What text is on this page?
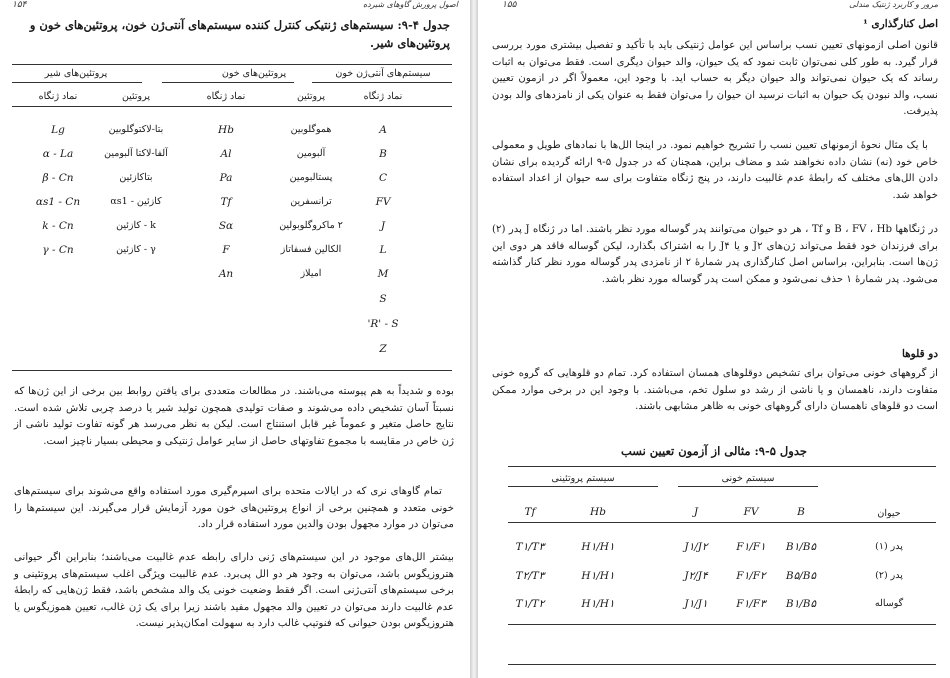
اصول پرورش گاوهای شیرده
۱۵۴
جدول ۴-۹: سیستم‌های ژنتیکی کنترل کننده سیستم‌های آنتی‌ژن خون، پروتئین‌های خون و پروتئین‌های شیر.
سیستم‌های آنتی‌ژن خون
پروتئین‌های خون
پروتئین‌های شیر
نماد ژنگاه
پروتئین
نماد ژنگاه
پروتئین
نماد ژنگاه
A
هموگلوبین
Hb
بتا-لاکتوگلوبین
Lg
B
آلبومین
Al
آلفا-لاکتا آلبومین
α - La
C
پستالبومین
Pa
بتاکازئین
β - Cn
FV
ترانسفرین
Tf
کازئین - αs1
αs1 - Cn
J
۲ ماکروگلوبولین
Sα
k - کازئین
k - Cn
L
الکالین فسفاتاز
F
γ - کازئین
γ - Cn
M
امیلاز
An
S
R' - S'
Z
بوده و شدیداً به هم پیوسته می‌باشند. در مطالعات متعددی برای یافتن روابط بین برخی از این ژن‌ها که نسبتاً آسان تشخیص داده می‌شوند و صفات تولیدی همچون تولید شیر یا درصد چربی تلاش شده است. نتایج حاصل متغیر و عموماً غیر قابل استنتاج است. لیکن به نظر می‌رسد هر گونه تفاوت تولید ناشی از ژن خاص در مقایسه با مجموع تفاوتهای حاصل از سایر عوامل ژنتیکی و محیطی بسیار ناچیز است.
تمام گاوهای نری که در ایالات متحده برای اسپرم‌گیری مورد استفاده واقع می‌شوند برای سیستم‌های خونی متعدد و همچنین برخی از انواع پروتئین‌های خون مورد آزمایش قرار می‌گیرند. این سیستم‌ها را می‌توان در موارد مجهول بودن والدین مورد استفاده قرار داد.
بیشتر الل‌های موجود در این سیستم‌های ژنی دارای رابطه عدم غالبیت می‌باشند؛ بنابراین اگر حیوانی هتروزیگوس باشد، می‌توان به وجود هر دو الل پی‌برد. عدم غالبیت ویژگی اغلب سیستم‌های پروتئینی و برخی سیستم‌های آنتی‌ژنی است. اگر فقط وضعیت خونی یک والد مشخص باشد، فقط ژن‌هایی که رابطهٔ عدم غالبیت دارند می‌توان در تعیین والد مجهول مفید باشند زیرا برای یک ژن غالب، تعیین هموزیگوس یا هتروزیگوس بودن حیوانی که فنوتیپ غالب دارد به سهولت امکان‌پذیر نیست.
مرور و کاربرد ژنتیک مندلی
۱۵۵
اصل کنارگذاری ¹
قانون اصلی ازمونهای تعیین نسب براساس این عوامل ژنتیکی باید با تأکید و تفصیل بیشتری مورد بررسی قرار گیرد. به طور کلی نمی‌توان ثابت نمود که یک حیوان، والد حیوان دیگری است. فقط می‌توان به اثبات رساند که یک حیوان نمی‌تواند والد حیوان دیگر به حساب اید. با وجود این، معمولاً اگر در ازمون تعیین نسب، والد نبودن یک حیوان به اثبات نرسید ان حیوان را می‌توان فقط به عنوان یکی از نامزدهای والد بودن پذیرفت.
با یک مثال نحوهٔ ازمونهای تعیین نسب را تشریح خواهیم نمود. در اینجا الل‌ها با نمادهای طویل و معمولی خاص خود (نه) نشان داده نخواهند شد و مضاف براین، همچنان که در جدول ۵-۹ ارائه گردیده برای نشان دادن الل‌های مختلف که رابطهٔ عدم غالبیت دارند، در پنج ژنگاه متفاوت برای سه حیوان از اعداد استفاده خواهد شد.
در ژنگاهها B ، FV ، Hb و Tf ، هر دو حیوان می‌توانند پدر گوساله مورد نظر باشند. اما در ژنگاه J پدر (۲) برای فرزندان خود فقط می‌تواند ژن‌های J۲ و یا J۴ را به اشتراک بگذارد، لیکن گوساله فاقد هر دوی این ژن‌ها است. بنابراین، براساس اصل کنارگذاری پدر شمارهٔ ۲ از نامزدی پدر گوساله مورد نظر کنار گذاشته می‌شود. پدر شمارهٔ ۱ حذف نمی‌شود و ممکن است پدر گوساله مورد نظر باشد.
دو قلوها
از گروههای خونی می‌توان برای تشخیص دوقلوهای همسان استفاده کرد. تمام دو قلوهایی که گروه خونی متفاوت دارند، ناهمسان و یا ناشی از رشد دو سلول تخم، می‌باشند. با وجود این در برخی موارد ممکن است دو قلوهای ناهمسان دارای گروههای خونی به ظاهر مشابهی باشند.
جدول ۵-۹: مثالی از آزمون تعیین نسب
سیستم خونی
سیستم پروتئینی
حیوان
B
FV
J
Hb
Tf
پدر (۱)
B۱/B۵
F۱/F۱
J۱/J۲
H۱/H۱
T۱/T۳
پدر (۲)
B۵/B۵
F۱/F۲
J۲/J۴
H۱/H۱
T۲/T۳
گوساله
B۱/B۵
F۱/F۳
J۱/J۱
H۱/H۱
T۱/T۲
